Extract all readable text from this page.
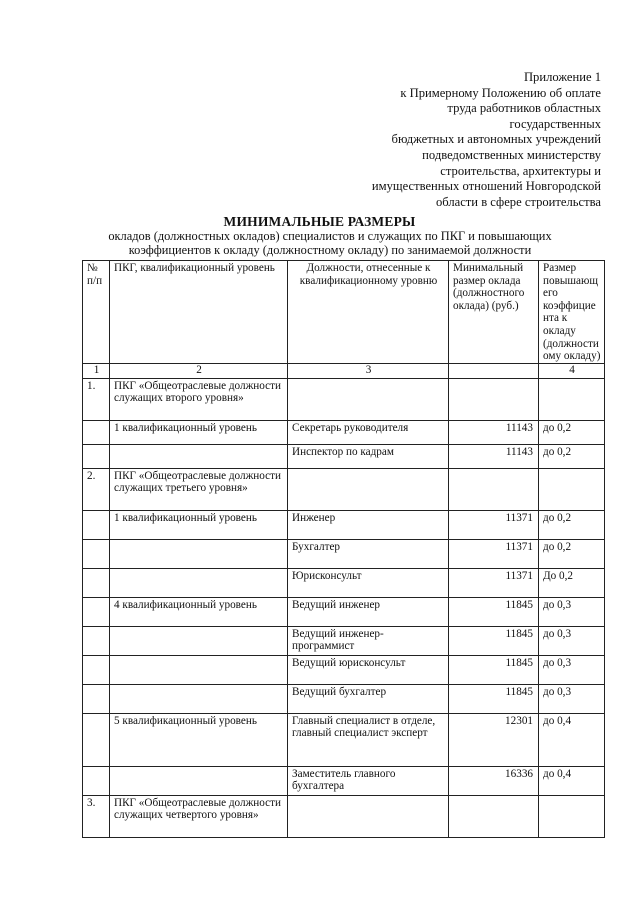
Приложение 1
к Примерному Положению об оплате
труда работников областных
государственных
бюджетных и автономных учреждений
подведомственных министерству
строительства, архитектуры и
имущественных отношений Новгородской
области в сфере строительства
МИНИМАЛЬНЫЕ РАЗМЕРЫ
окладов (должностных окладов) специалистов и служащих по ПКГ и повышающих
коэффициентов к окладу (должностному окладу) по занимаемой должности
№ п/п	ПКГ, квалификационный уровень	Должности, отнесенные к квалификационному уровню	Минимальный размер оклада (должностного оклада) (руб.)	Размер повышающ его коэффицие нта к окладу (должности ому окладу)
1	2	3		4
1.	ПКГ «Общеотраслевые должности служащих второго уровня»			
	1 квалификационный уровень	Секретарь руководителя	11143	до 0,2
		Инспектор по кадрам	11143	до 0,2
2.	ПКГ «Общеотраслевые должности служащих третьего уровня»			
	1 квалификационный уровень	Инженер	11371	до 0,2
		Бухгалтер	11371	до 0,2
		Юрисконсульт	11371	До 0,2
	4 квалификационный уровень	Ведущий инженер	11845	до 0,3
		Ведущий инженер-программист	11845	до 0,3
		Ведущий юрисконсульт	11845	до 0,3
		Ведущий бухгалтер	11845	до 0,3
	5 квалификационный уровень	Главный специалист в отделе, главный специалист эксперт	12301	до 0,4
		Заместитель главного бухгалтера	16336	до 0,4
3.	ПКГ «Общеотраслевые должности служащих четвертого уровня»			
